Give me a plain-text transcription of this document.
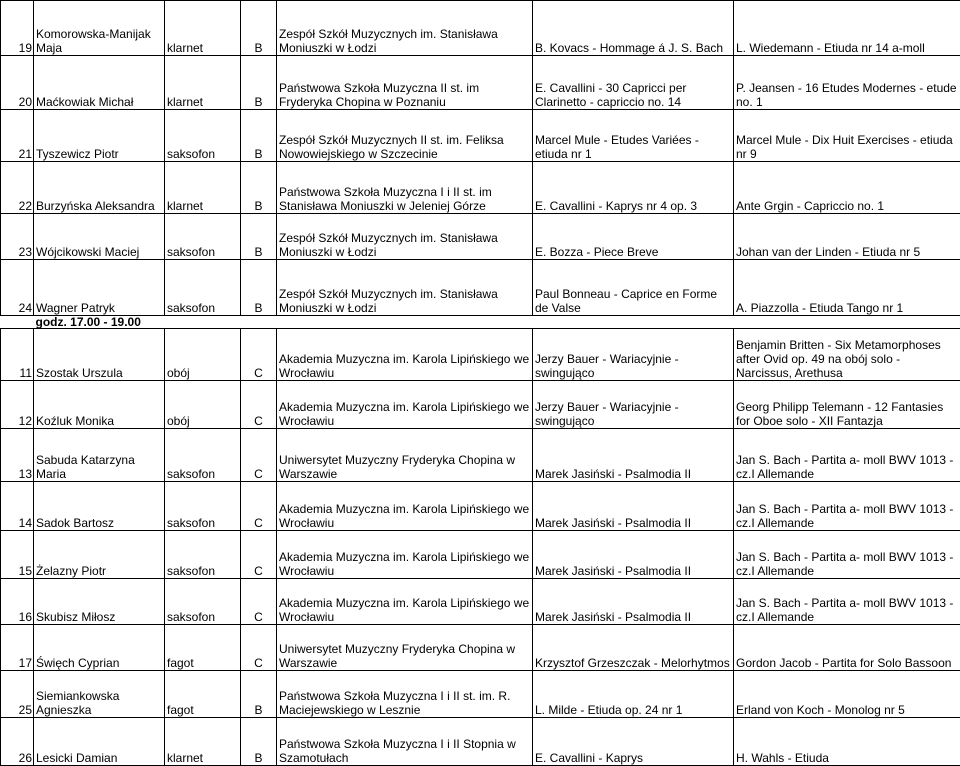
19	Komorowska-Manijak Maja	klarnet	B	Zespół Szkół Muzycznych im. Stanisława Moniuszki w Łodzi	B. Kovacs - Hommage á J. S. Bach	L. Wiedemann - Etiuda nr 14 a-moll
20	Maćkowiak Michał	klarnet	B	Państwowa Szkoła Muzyczna II st. im Fryderyka Chopina w Poznaniu	E. Cavallini - 30 Capricci per Clarinetto - capriccio no. 14	P. Jeansen - 16 Etudes Modernes - etude no. 1
21	Tyszewicz Piotr	saksofon	B	Zespół Szkół Muzycznych II st. im. Feliksa Nowowiejskiego w Szczecinie	Marcel Mule - Etudes Variées - etiuda nr 1	Marcel Mule - Dix Huit Exercises - etiuda nr 9
22	Burzyńska Aleksandra	klarnet	B	Państwowa Szkoła Muzyczna I i II st. im Stanisława Moniuszki w Jeleniej Górze	E. Cavallini - Kaprys nr 4 op. 3	Ante Grgin - Capriccio no. 1
23	Wójcikowski Maciej	saksofon	B	Zespół Szkół Muzycznych im. Stanisława Moniuszki w Łodzi	E. Bozza - Piece Breve	Johan van der Linden - Etiuda nr 5
24	Wagner Patryk	saksofon	B	Zespół Szkół Muzycznych im. Stanisława Moniuszki w Łodzi	Paul Bonneau - Caprice en Forme de Valse	A. Piazzolla - Etiuda Tango nr 1
	godz. 17.00 - 19.00					
11	Szostak Urszula	obój	C	Akademia Muzyczna im. Karola Lipińskiego we Wrocławiu	Jerzy Bauer - Wariacyjnie - swingująco	Benjamin Britten - Six Metamorphoses after Ovid op. 49 na obój solo - Narcissus, Arethusa
12	Koźluk Monika	obój	C	Akademia Muzyczna im. Karola Lipińskiego we Wrocławiu	Jerzy Bauer - Wariacyjnie - swingująco	Georg Philipp Telemann - 12 Fantasies for Oboe solo - XII Fantazja
13	Sabuda Katarzyna Maria	saksofon	C	Uniwersytet Muzyczny Fryderyka Chopina w Warszawie	Marek Jasiński - Psalmodia II	Jan S. Bach - Partita a- moll BWV 1013 - cz.I Allemande
14	Sadok Bartosz	saksofon	C	Akademia Muzyczna im. Karola Lipińskiego we Wrocławiu	Marek Jasiński - Psalmodia II	Jan S. Bach - Partita a- moll BWV 1013 - cz.I Allemande
15	Żelazny Piotr	saksofon	C	Akademia Muzyczna im. Karola Lipińskiego we Wrocławiu	Marek Jasiński - Psalmodia II	Jan S. Bach - Partita a- moll BWV 1013 - cz.I Allemande
16	Skubisz Miłosz	saksofon	C	Akademia Muzyczna im. Karola Lipińskiego we Wrocławiu	Marek Jasiński - Psalmodia II	Jan S. Bach - Partita a- moll BWV 1013 - cz.I Allemande
17	Święch Cyprian	fagot	C	Uniwersytet Muzyczny Fryderyka Chopina w Warszawie	Krzysztof Grzeszczak - Melorhytmos	Gordon Jacob - Partita for Solo Bassoon
25	Siemiankowska Agnieszka	fagot	B	Państwowa Szkoła Muzyczna I i II st. im. R. Maciejewskiego w Lesznie	L. Milde - Etiuda op. 24 nr 1	Erland von Koch - Monolog nr 5
26	Lesicki Damian	klarnet	B	Państwowa Szkoła Muzyczna I i II Stopnia w Szamotułach	E. Cavallini - Kaprys	H. Wahls - Etiuda
